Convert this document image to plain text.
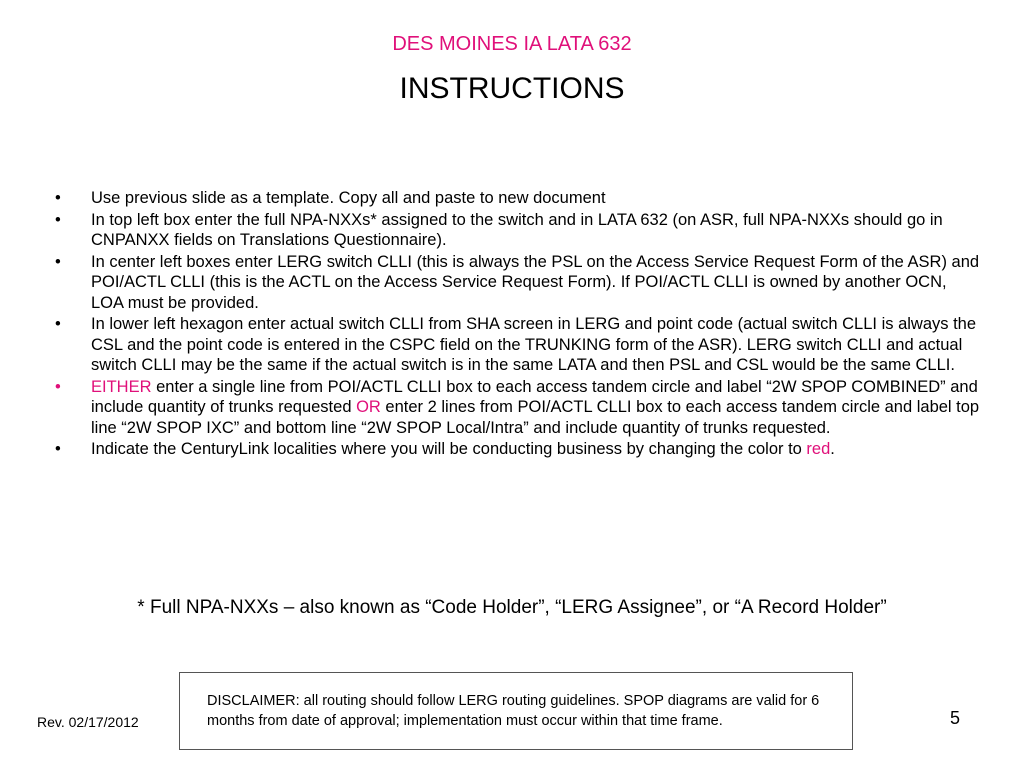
DES MOINES IA LATA 632
INSTRUCTIONS
• Use previous slide as a template. Copy all and paste to new document
• In top left box enter the full NPA-NXXs* assigned to the switch and in LATA 632 (on ASR, full NPA-NXXs should go in CNPANXX fields on Translations Questionnaire).
• In center left boxes enter LERG switch CLLI (this is always the PSL on the Access Service Request Form of the ASR) and POI/ACTL CLLI (this is the ACTL on the Access Service Request Form). If POI/ACTL CLLI is owned by another OCN, LOA must be provided.
• In lower left hexagon enter actual switch CLLI from SHA screen in LERG and point code (actual switch CLLI is always the CSL and the point code is entered in the CSPC field on the TRUNKING form of the ASR). LERG switch CLLI and actual switch CLLI may be the same if the actual switch is in the same LATA and then PSL and CSL would be the same CLLI.
• EITHER enter a single line from POI/ACTL CLLI box to each access tandem circle and label “2W SPOP COMBINED” and include quantity of trunks requested OR enter 2 lines from POI/ACTL CLLI box to each access tandem circle and label top line “2W SPOP IXC” and bottom line “2W SPOP Local/Intra” and include quantity of trunks requested.
• Indicate the CenturyLink localities where you will be conducting business by changing the color to red.
* Full NPA-NXXs – also known as “Code Holder”, “LERG Assignee”, or “A Record Holder”
DISCLAIMER: all routing should follow LERG routing guidelines. SPOP diagrams are valid for 6 months from date of approval; implementation must occur within that time frame.
Rev. 02/17/2012	5
